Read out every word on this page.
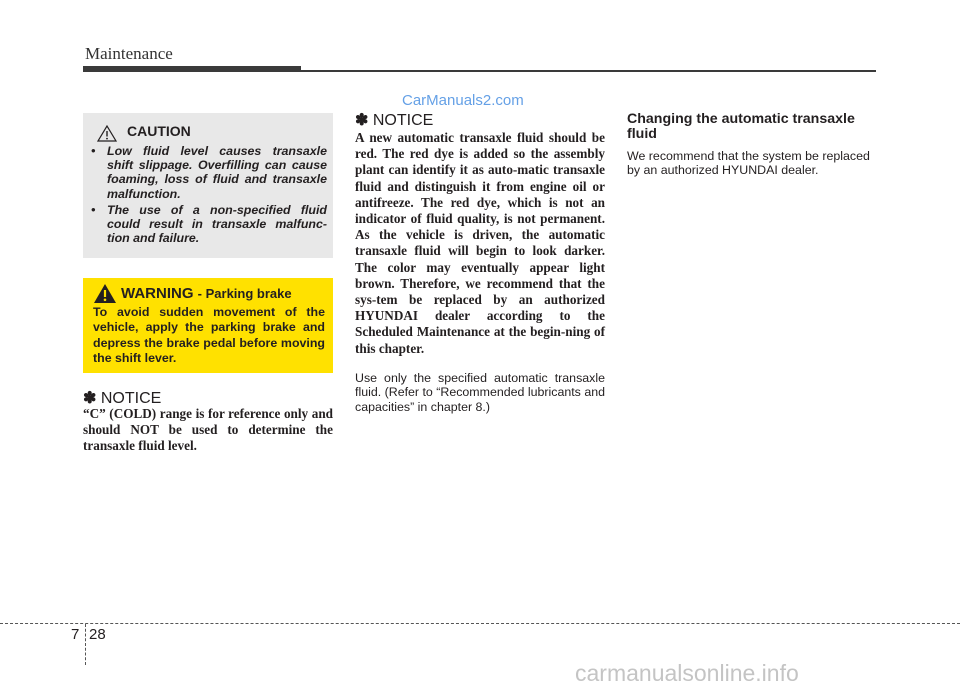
Maintenance
CarManuals2.com
CAUTION
• Low fluid level causes transaxle
shift slippage. Overfilling can cause foaming, loss of fluid and transaxle malfunction.
• The use of a non-specified fluid
could result in transaxle malfunc-tion and failure.
WARNING - Parking brake
To avoid sudden movement of the vehicle, apply the parking brake and depress the brake pedal before moving the shift lever.
✽ NOTICE
“C” (COLD) range is for reference only and should NOT be used to determine the transaxle fluid level.
✽ NOTICE
A new automatic transaxle fluid should be red. The red dye is added so the assembly plant can identify it as auto-matic transaxle fluid and distinguish it from engine oil or antifreeze. The red dye, which is not an indicator of fluid quality, is not permanent. As the vehicle is driven, the automatic transaxle fluid will begin to look darker. The color may eventually appear light brown. Therefore, we recommend that the sys-tem be replaced by an authorized HYUNDAI dealer according to the Scheduled Maintenance at the begin-ning of this chapter.
Use only the specified automatic transaxle fluid. (Refer to “Recommended lubricants and capacities” in chapter 8.)
Changing the automatic transaxle fluid
We recommend that the system be replaced by an authorized HYUNDAI dealer.
7 28
carmanualsonline.info
